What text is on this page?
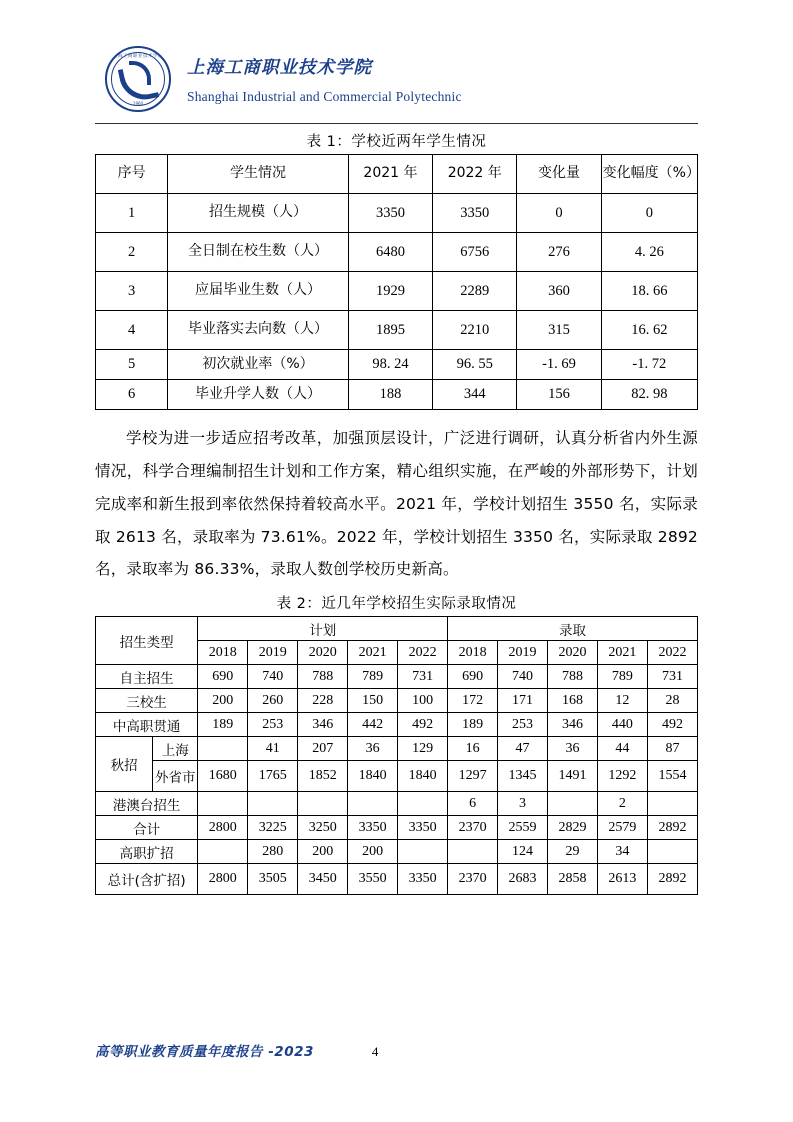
上海工商职业技术学院
1960
上海工商职业技术学院
Shanghai Industrial and Commercial Polytechnic
表 1：学校近两年学生情况
序号	学生情况	2021 年	2022 年	变化量	变化幅度（%）
1	招生规模（人）	3350	3350	0	0
2	全日制在校生数（人）	6480	6756	276	4. 26
3	应届毕业生数（人）	1929	2289	360	18. 66
4	毕业落实去向数（人）	1895	2210	315	16. 62
5	初次就业率（%）	98. 24	96. 55	-1. 69	-1. 72
6	毕业升学人数（人）	188	344	156	82. 98

学校为进一步适应招考改革，加强顶层设计，广泛进行调研，认真分析省内外生源情况，科学合理编制招生计划和工作方案，精心组织实施，在严峻的外部形势下，计划完成率和新生报到率依然保持着较高水平。2021 年，学校计划招生 3550 名，实际录取 2613 名，录取率为 73.61%。2022 年，学校计划招生 3350 名，实际录取 2892 名，录取率为 86.33%，录取人数创学校历史新高。

表 2：近几年学校招生实际录取情况
招生类型		计划					录取				
		2018	2019	2020	2021	2022	2018	2019	2020	2021	2022
自主招生		690	740	788	789	731	690	740	788	789	731
三校生		200	260	228	150	100	172	171	168	12	28
中高职贯通		189	253	346	442	492	189	253	346	440	492
秋招	上海		41	207	36	129	16	47	36	44	87
	外省市	1680	1765	1852	1840	1840	1297	1345	1491	1292	1554
港澳台招生							6	3		2	
合计		2800	3225	3250	3350	3350	2370	2559	2829	2579	2892
高职扩招			280	200	200			124	29	34	
总计(含扩招)		2800	3505	3450	3550	3350	2370	2683	2858	2613	2892
高等职业教育质量年度报告 -2023	4
